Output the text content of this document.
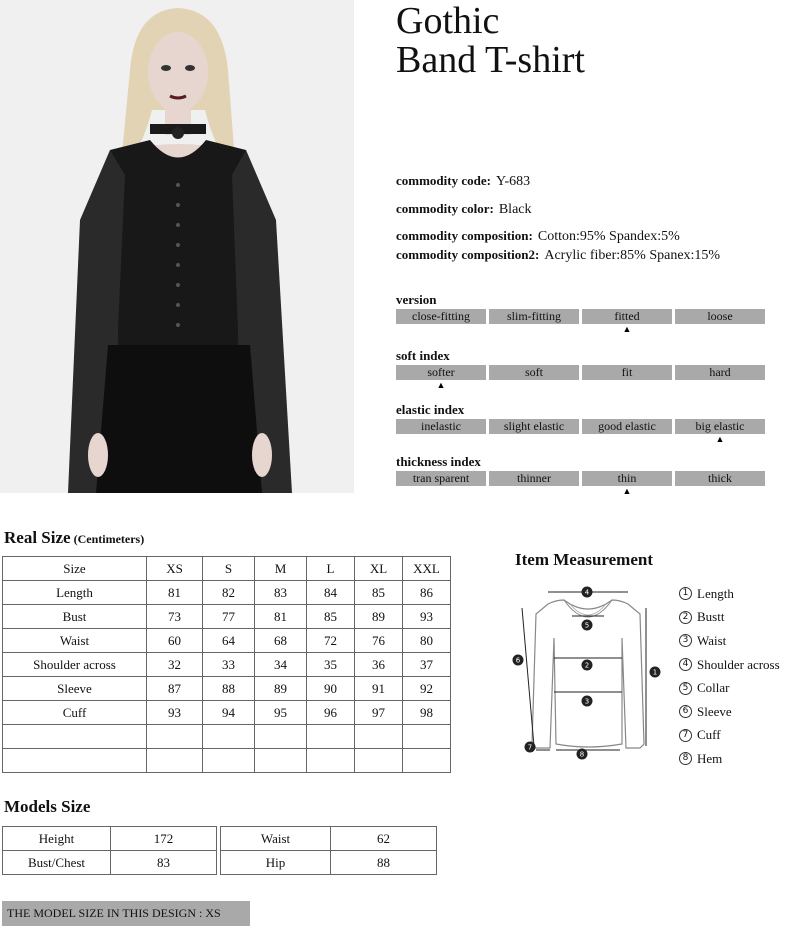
Gothic
Band T-shirt
commodity code: Y-683
commodity color: Black
commodity composition: Cotton:95% Spandex:5%
commodity composition2: Acrylic fiber:85% Spanex:15%
version
close-fitting	slim-fitting	fitted
▲
loose
soft index
softer
▲
soft	fit	hard
elastic index
inelastic	slight elastic	good elastic	big elastic
▲
thickness index
tran sparent	thinner	thin
▲
thick
Real Size (Centimeters)
Size	XS	S	M	L	XL	XXL
Length	81	82	83	84	85	86
Bust	73	77	81	85	89	93
Waist	60	64	68	72	76	80
Shoulder across	32	33	34	35	36	37
Sleeve	87	88	89	90	91	92
Cuff	93	94	95	96	97	98

Item Measurement
4
5
2
3
1
6
7
8
1 Length
2 Bustt
3 Waist
4 Shoulder across
5 Collar
6 Sleeve
7 Cuff
8 Hem
Models Size
Height	172
Bust/Chest	83
Waist	62
Hip	88
THE MODEL SIZE IN THIS DESIGN : XS
